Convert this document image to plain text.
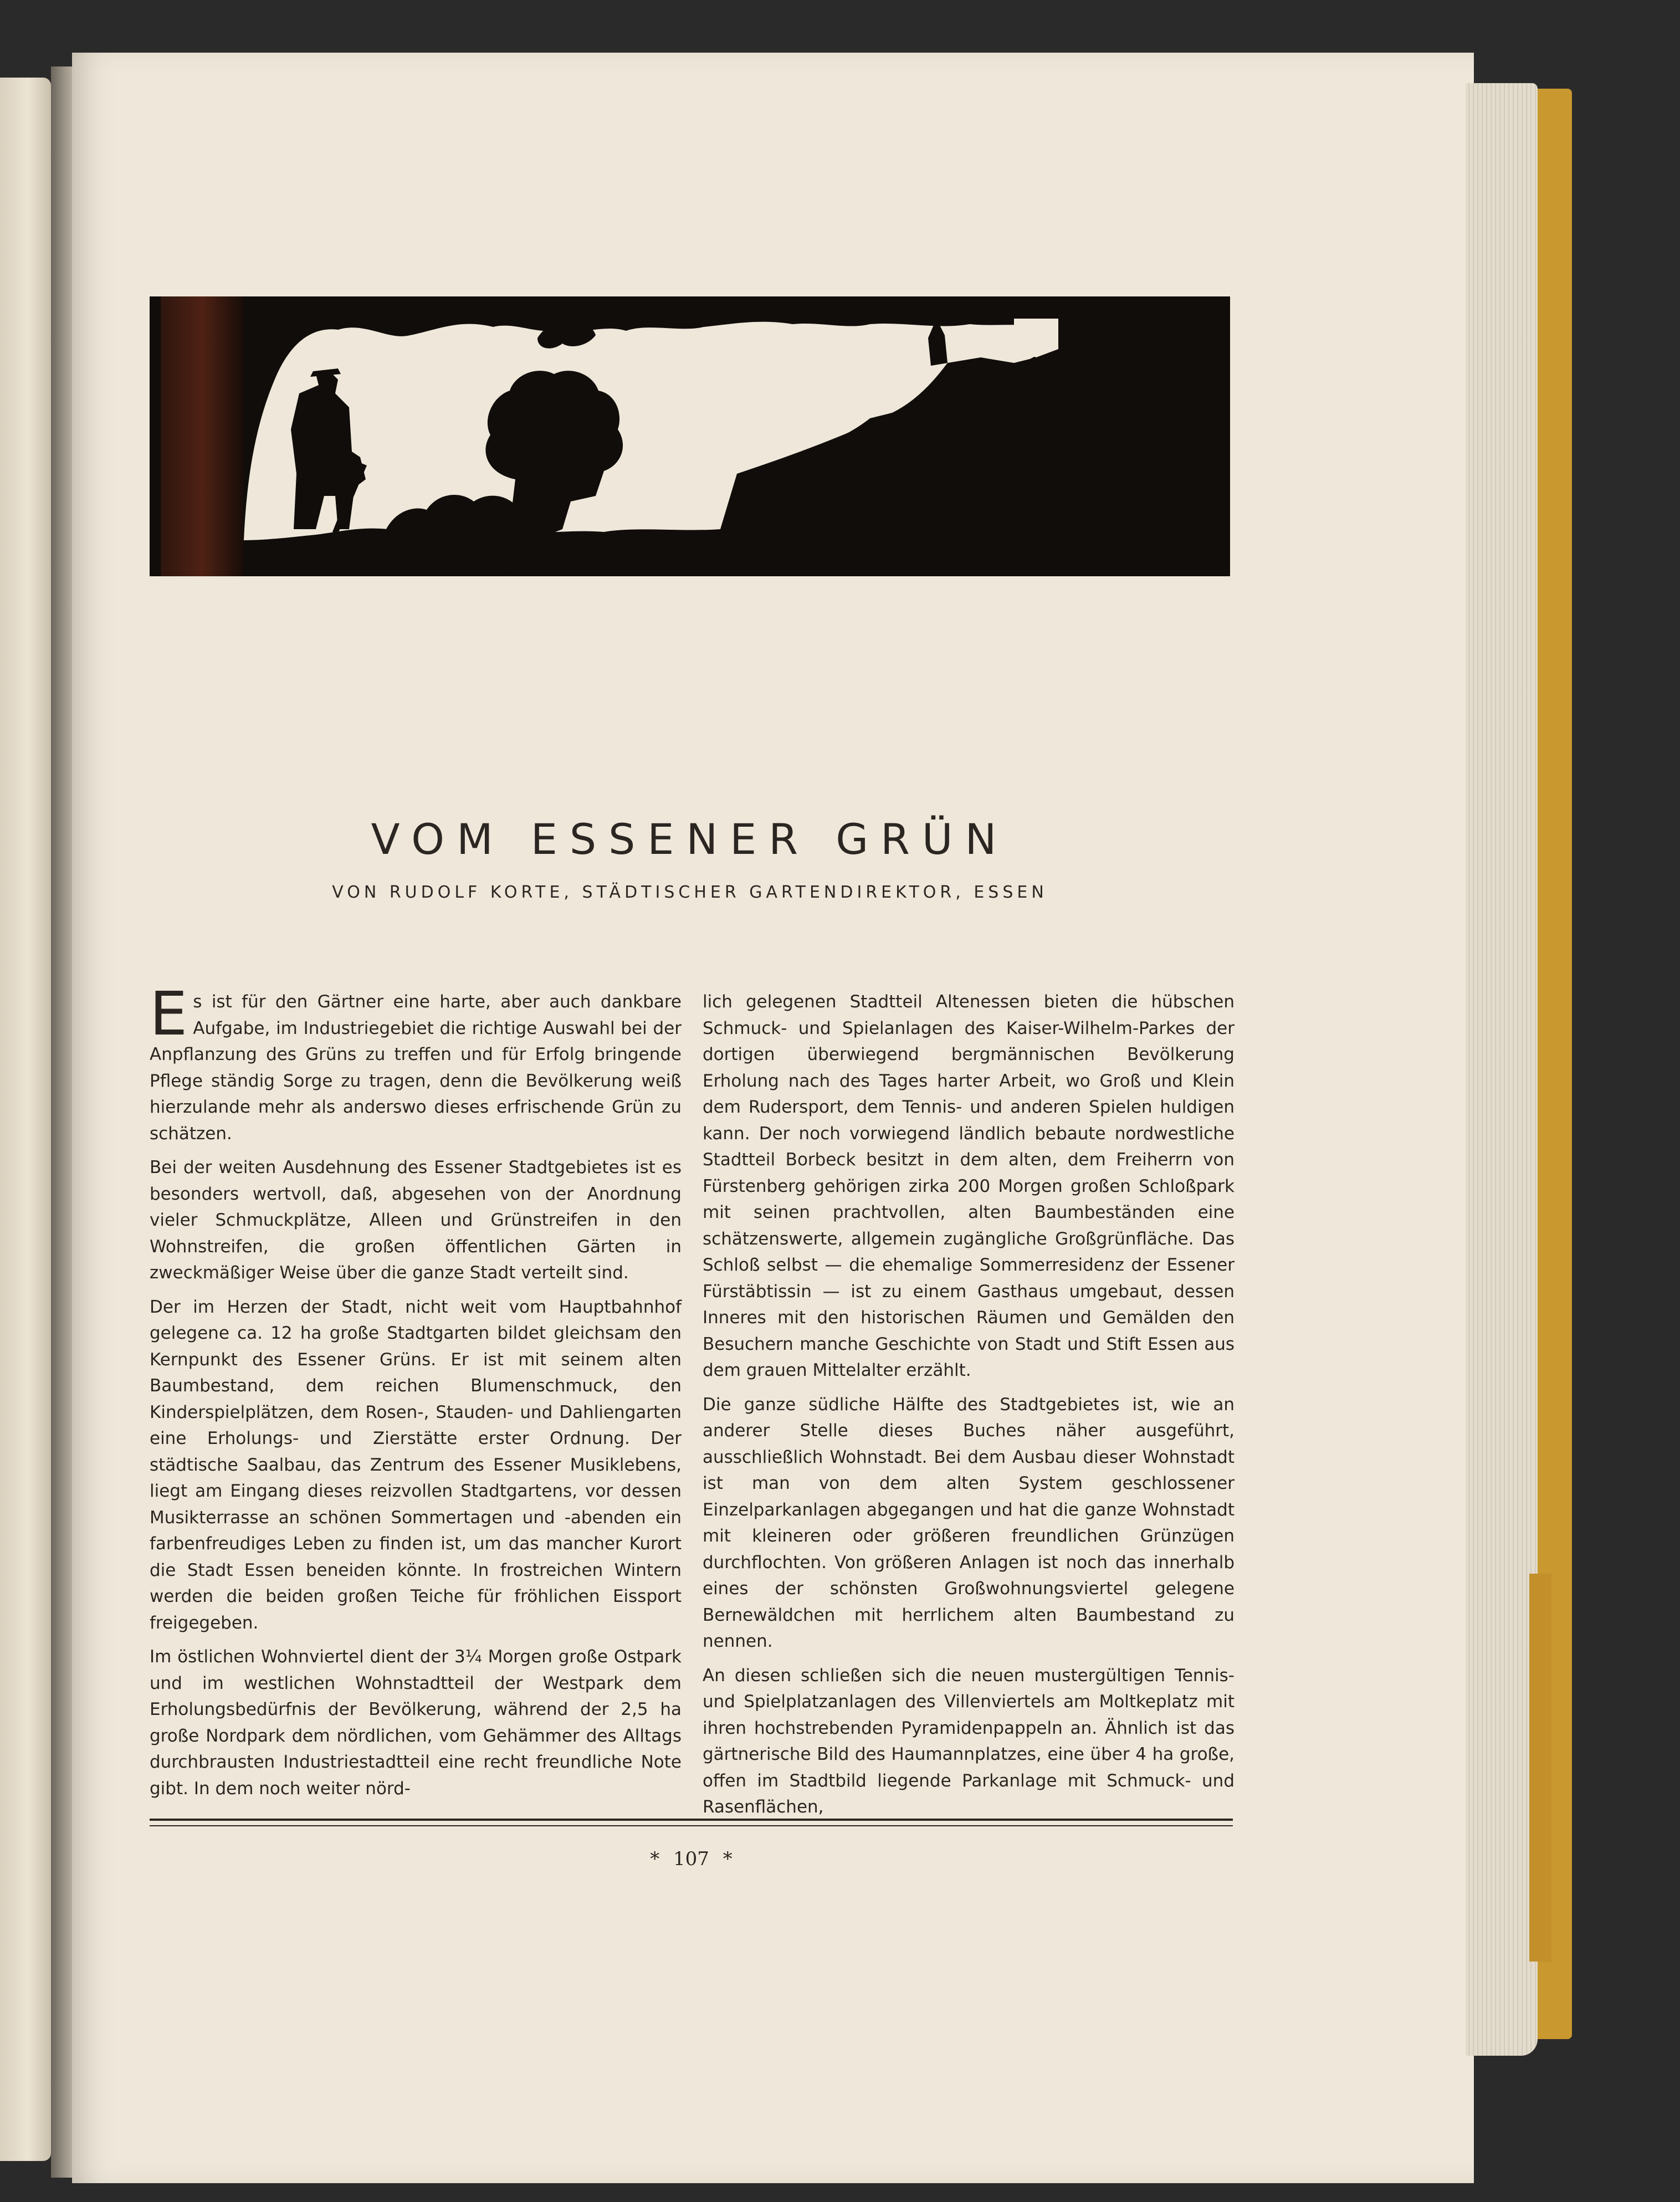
VOM ESSENER GRÜN
VON RUDOLF KORTE, STÄDTISCHER GARTENDIREKTOR, ESSEN

Es ist für den Gärtner eine harte, aber auch dankbare Aufgabe, im Industriegebiet die richtige Auswahl bei der Anpflanzung des Grüns zu treffen und für Erfolg bringende Pflege ständig Sorge zu tragen, denn die Bevölkerung weiß hierzulande mehr als anderswo dieses erfrischende Grün zu schätzen.

Bei der weiten Ausdehnung des Essener Stadtgebietes ist es besonders wertvoll, daß, abgesehen von der Anordnung vieler Schmuckplätze, Alleen und Grünstreifen in den Wohnstreifen, die großen öffentlichen Gärten in zweckmäßiger Weise über die ganze Stadt verteilt sind.

Der im Herzen der Stadt, nicht weit vom Hauptbahnhof gelegene ca. 12 ha große Stadtgarten bildet gleichsam den Kernpunkt des Essener Grüns. Er ist mit seinem alten Baumbestand, dem reichen Blumenschmuck, den Kinderspielplätzen, dem Rosen-, Stauden- und Dahliengarten eine Erholungs- und Zierstätte erster Ordnung. Der städtische Saalbau, das Zentrum des Essener Musiklebens, liegt am Eingang dieses reizvollen Stadtgartens, vor dessen Musikterrasse an schönen Sommertagen und -abenden ein farbenfreudiges Leben zu finden ist, um das mancher Kurort die Stadt Essen beneiden könnte. In frostreichen Wintern werden die beiden großen Teiche für fröhlichen Eissport freigegeben.

Im östlichen Wohnviertel dient der 3¼ Morgen große Ostpark und im westlichen Wohnstadtteil der Westpark dem Erholungsbedürfnis der Bevölkerung, während der 2,5 ha große Nordpark dem nördlichen, vom Gehämmer des Alltags durchbrausten Industriestadtteil eine recht freundliche Note gibt. In dem noch weiter nörd-

lich gelegenen Stadtteil Altenessen bieten die hübschen Schmuck- und Spielanlagen des Kaiser-Wilhelm-Parkes der dortigen überwiegend bergmännischen Bevölkerung Erholung nach des Tages harter Arbeit, wo Groß und Klein dem Rudersport, dem Tennis- und anderen Spielen huldigen kann. Der noch vorwiegend ländlich bebaute nordwestliche Stadtteil Borbeck besitzt in dem alten, dem Freiherrn von Fürstenberg gehörigen zirka 200 Morgen großen Schloßpark mit seinen prachtvollen, alten Baumbeständen eine schätzenswerte, allgemein zugängliche Großgrünfläche. Das Schloß selbst — die ehemalige Sommerresidenz der Essener Fürstäbtissin — ist zu einem Gasthaus umgebaut, dessen Inneres mit den historischen Räumen und Gemälden den Besuchern manche Geschichte von Stadt und Stift Essen aus dem grauen Mittelalter erzählt.

Die ganze südliche Hälfte des Stadtgebietes ist, wie an anderer Stelle dieses Buches näher ausgeführt, ausschließlich Wohnstadt. Bei dem Ausbau dieser Wohnstadt ist man von dem alten System geschlossener Einzelparkanlagen abgegangen und hat die ganze Wohnstadt mit kleineren oder größeren freundlichen Grünzügen durchflochten. Von größeren Anlagen ist noch das innerhalb eines der schönsten Großwohnungsviertel gelegene Bernewäldchen mit herrlichem alten Baumbestand zu nennen.

An diesen schließen sich die neuen mustergültigen Tennis- und Spielplatzanlagen des Villenviertels am Moltkeplatz mit ihren hochstrebenden Pyramidenpappeln an. Ähnlich ist das gärtnerische Bild des Haumannplatzes, eine über 4 ha große, offen im Stadtbild liegende Parkanlage mit Schmuck- und Rasenflächen,

* 107 *
